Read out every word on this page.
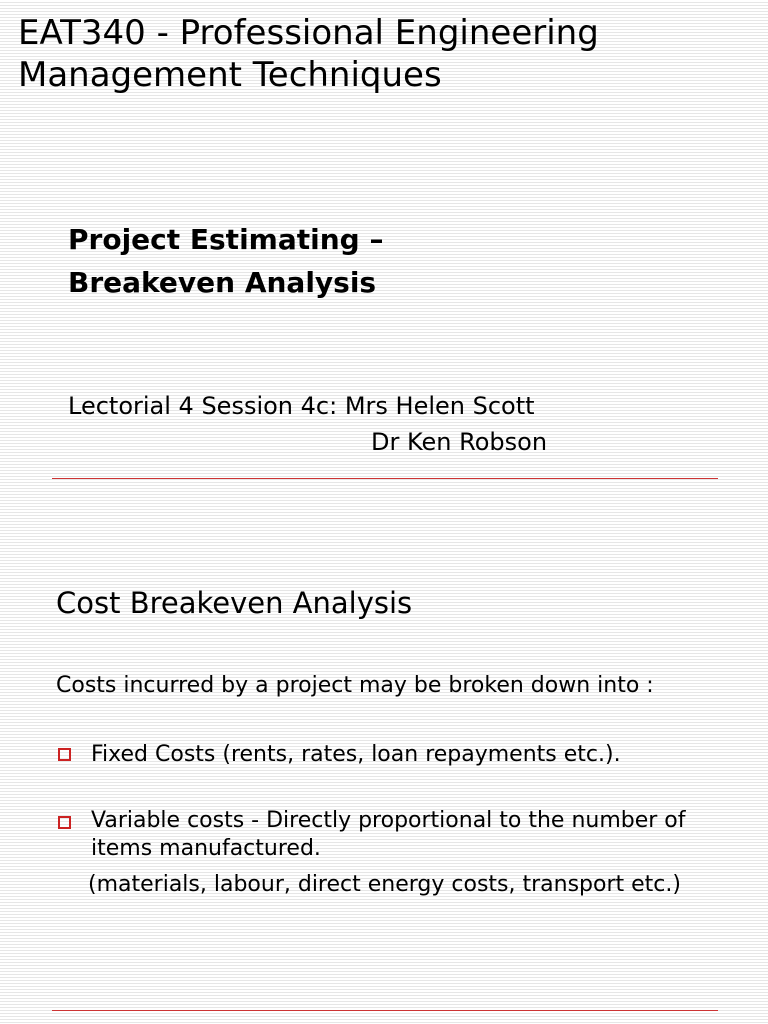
EAT340 - Professional Engineering
Management Techniques
Project Estimating –
Breakeven Analysis
Lectorial 4 Session 4c: Mrs Helen Scott
Dr Ken Robson
Cost Breakeven Analysis
Costs incurred by a project may be broken down into :
Fixed Costs (rents, rates, loan repayments etc.).
Variable costs - Directly proportional to the number of
items manufactured.
(materials, labour, direct energy costs, transport etc.)
